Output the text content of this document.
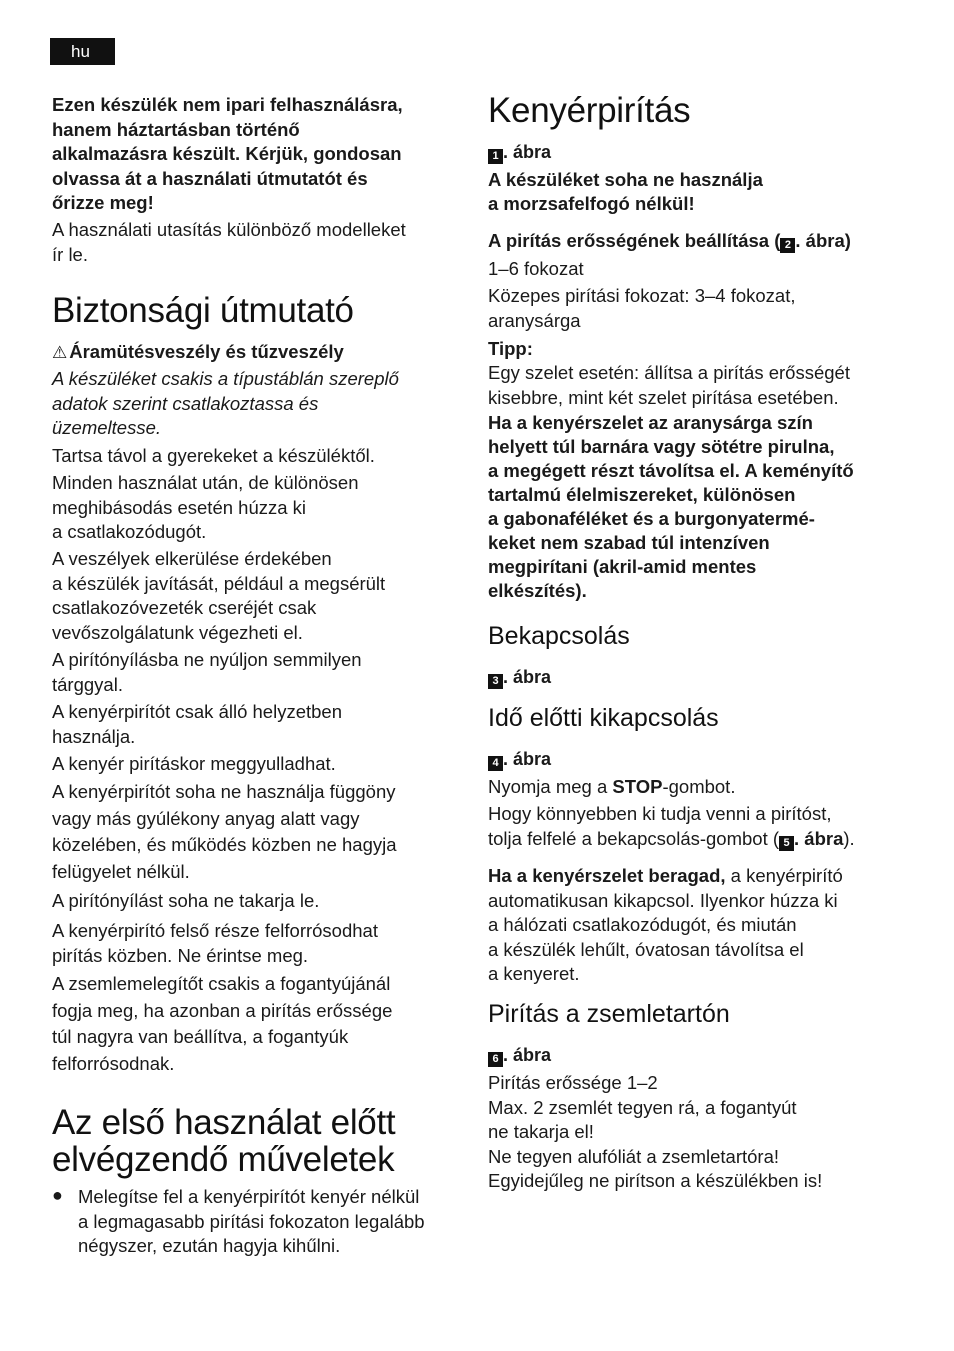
hu

Ezen készülék nem ipari felhasználásra,

hanem háztartásban történő

alkalmazásra készült. Kérjük, gondosan

olvassa át a használati útmutatót és

őrizze meg!

A használati utasítás különböző modelleket

ír le.

Biztonsági útmutató

⚠ Áramütésveszély és tűzveszély

A készüléket csakis a típustáblán szereplő

adatok szerint csatlakoztassa és

üzemeltesse.

Tartsa távol a gyerekeket a készüléktől.

Minden használat után, de különösen

meghibásodás esetén húzza ki

a csatlakozódugót.

A veszélyek elkerülése érdekében

a készülék javítását, például a megsérült

csatlakozóvezeték cseréjét csak

vevőszolgálatunk végezheti el.

A pirítónyílásba ne nyúljon semmilyen

tárggyal.

A kenyérpirítót csak álló helyzetben

használja.

A kenyér pirításkor meggyulladhat.

A kenyérpirítót soha ne használja függöny

vagy más gyúlékony anyag alatt vagy

közelében, és működés közben ne hagyja

felügyelet nélkül.

A pirítónyílást soha ne takarja le.

A kenyérpirító felső része felforrósodhat

pirítás közben. Ne érintse meg.

A zsemlemelegítőt csakis a fogantyújánál

fogja meg, ha azonban a pirítás erőssége

túl nagyra van beállítva, a fogantyúk

felforrósodnak.

Az első használat előtt
elvégzendő műveletek
● Melegítse fel a kenyérpirítót kenyér nélkül

a legmagasabb pirítási fokozaton legalább

négyszer, ezután hagyja kihűlni.

Kenyérpirítás

1 . ábra

A készüléket soha ne használja

a morzsafelfogó nélkül!

A pirítás erősségének beállítása ( 2 . ábra)

1–6 fokozat

Közepes pirítási fokozat: 3–4 fokozat,

aranysárga

Tipp:

Egy szelet esetén: állítsa a pirítás erősségét

kisebbre, mint két szelet pirítása esetében.

Ha a kenyérszelet az aranysárga szín

helyett túl barnára vagy sötétre pirulna,

a megégett részt távolítsa el. A keményítő

tartalmú élelmiszereket, különösen

a gabonaféléket és a burgonyatermé-

keket nem szabad túl intenzíven

megpirítani (akril-amid mentes

elkészítés).

Bekapcsolás

3 . ábra

Idő előtti kikapcsolás

4 . ábra

Nyomja meg a STOP-gombot.

Hogy könnyebben ki tudja venni a pirítóst,

tolja felfelé a bekapcsolás-gombot ( 5 . ábra).

Ha a kenyérszelet beragad, a kenyérpirító

automatikusan kikapcsol. Ilyenkor húzza ki

a hálózati csatlakozódugót, és miután

a készülék lehűlt, óvatosan távolítsa el

a kenyeret.

Pirítás a zsemletartón

6 . ábra

Pirítás erőssége 1–2

Max. 2 zsemlét tegyen rá, a fogantyút

ne takarja el!

Ne tegyen alufóliát a zsemletartóra!

Egyidejűleg ne pirítson a készülékben is!
